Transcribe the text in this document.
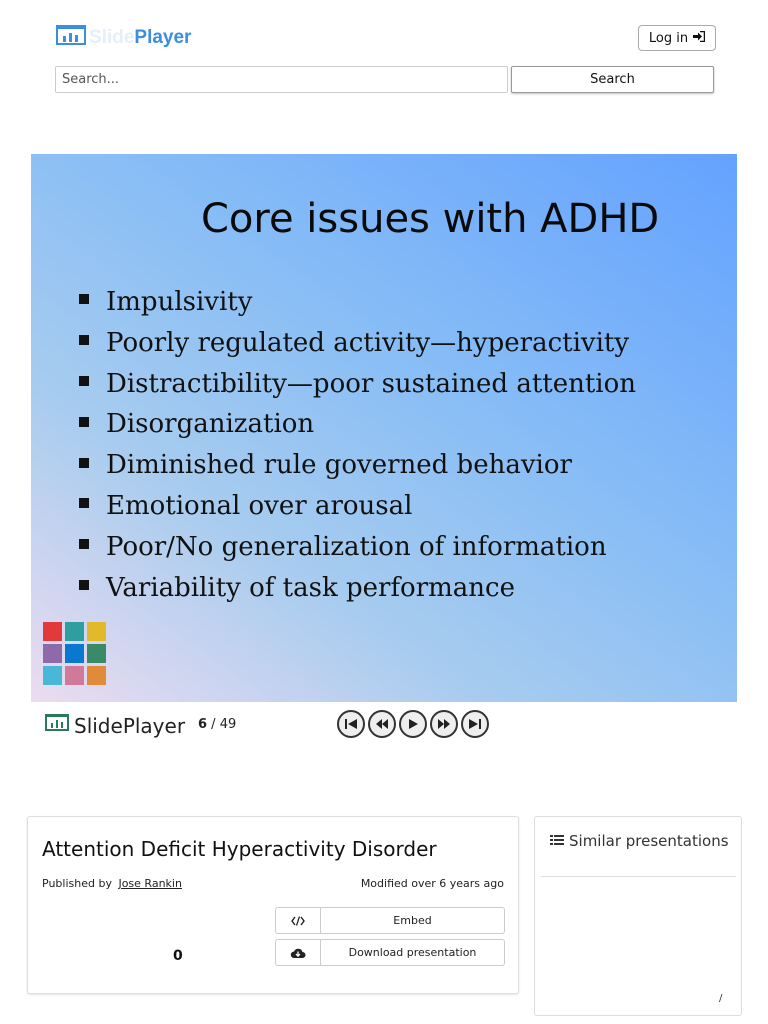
SlidePlayer	Log in
Search...
Search
Core issues with ADHD
Impulsivity
Poorly regulated activity—hyperactivity
Distractibility—poor sustained attention
Disorganization
Diminished rule governed behavior
Emotional over arousal
Poor/No generalization of information
Variability of task performance
SlidePlayer 6 / 49
Attention Deficit Hyperactivity Disorder
Published by Jose Rankin	Modified over 6 years ago
Embed
Download presentation
0
Similar presentations
/
